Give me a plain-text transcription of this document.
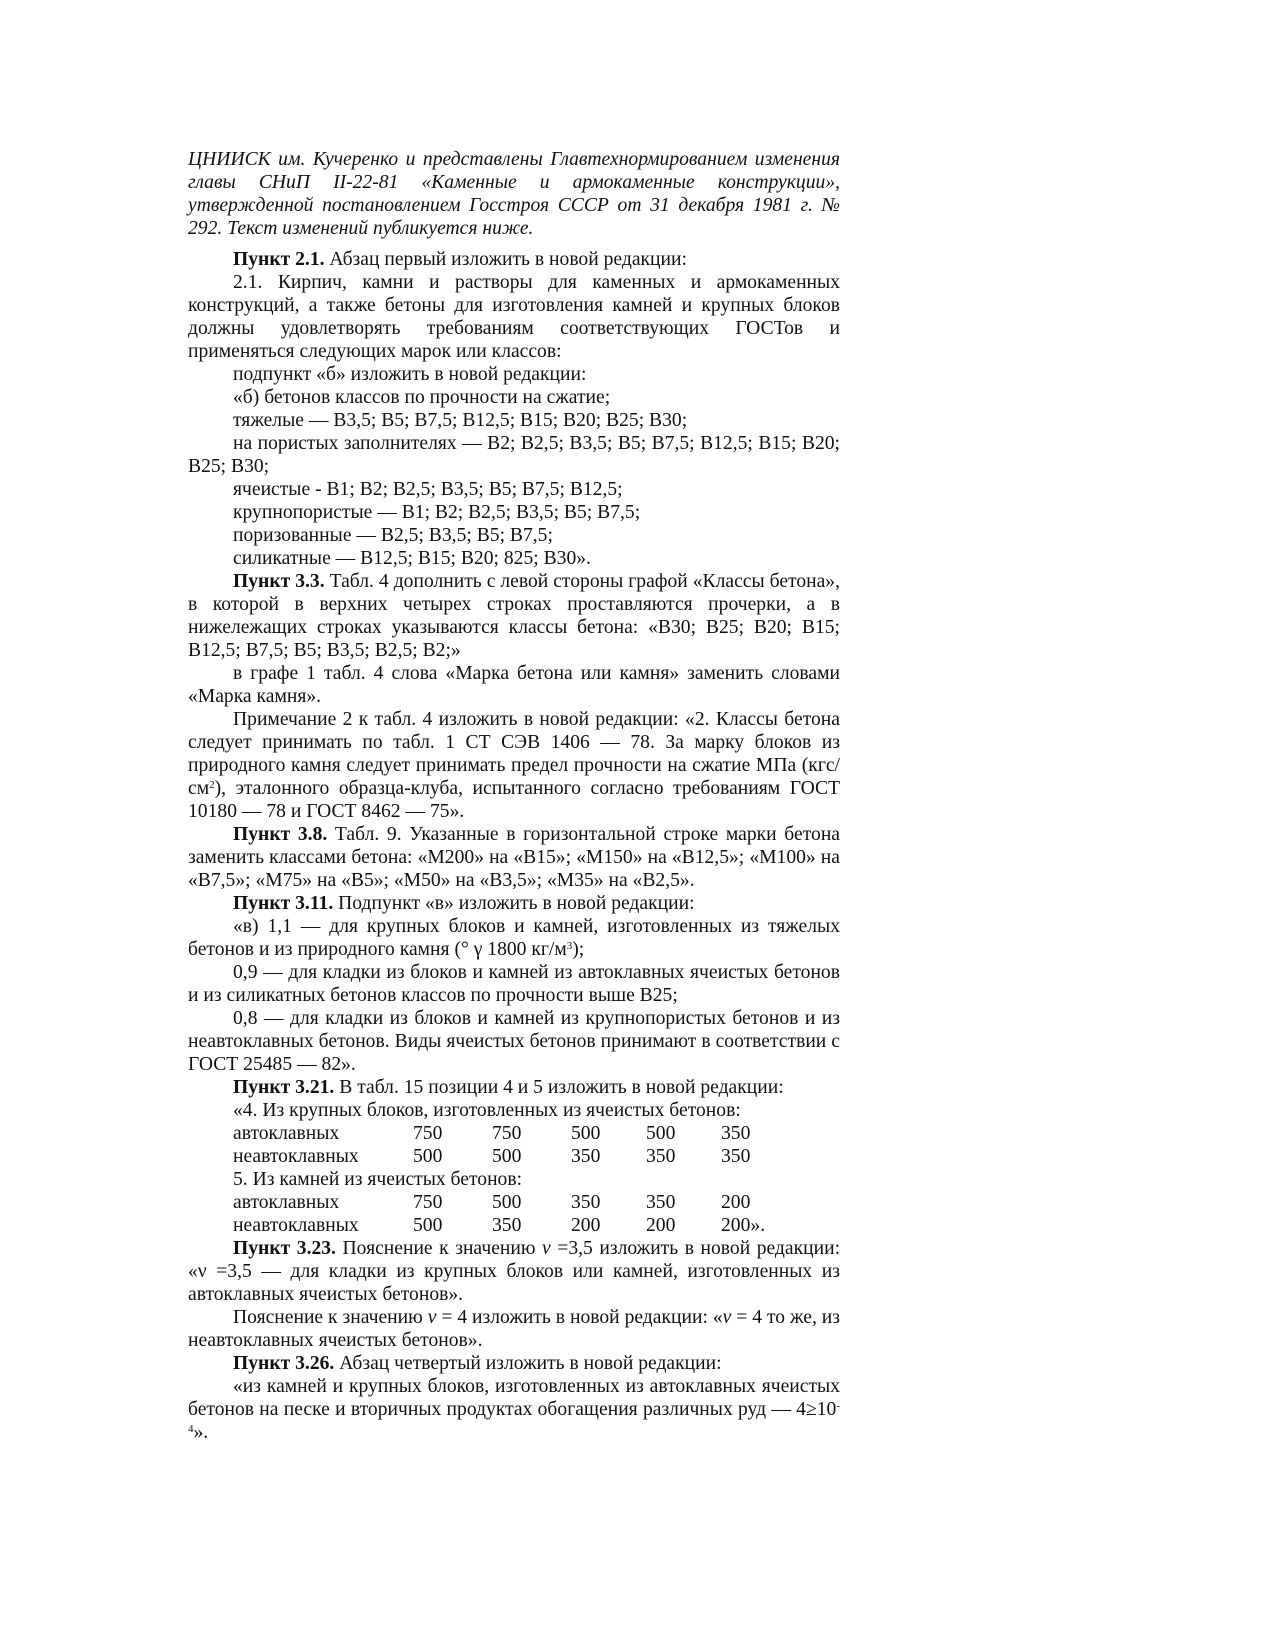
ЦНИИСК им. Кучеренко и представлены Главтехнормированием изменения главы СНиП II-22-81 «Каменные и армокаменные конструкции», утвержденной постановлением Госстроя СССР от 31 декабря 1981 г. № 292. Текст изменений публикуется ниже.
Пункт 2.1. Абзац первый изложить в новой редакции:
2.1. Кирпич, камни и растворы для каменных и армокаменных конструкций, а также бетоны для изготовления камней и крупных блоков должны удовлетворять требованиям соответствующих ГОСТов и применяться следующих марок или классов:
подпункт «б» изложить в новой редакции:
«б) бетонов классов по прочности на сжатие;
тяжелые — В3,5; В5; В7,5; В12,5; В15; В20; В25; В30;
на пористых заполнителях — В2; В2,5; В3,5; В5; В7,5; В12,5; В15; В20; В25; В30;
ячеистые - В1; В2; В2,5; В3,5; В5; В7,5; В12,5;
крупнопористые — В1; В2; В2,5; В3,5; В5; В7,5;
поризованные — В2,5; В3,5; В5; В7,5;
силикатные — В12,5; В15; В20; 825; В30».
Пункт 3.3. Табл. 4 дополнить с левой стороны графой «Классы бетона», в которой в верхних четырех строках проставляются прочерки, а в нижележащих строках указываются классы бетона: «В30; В25; В20; В15; В12,5; В7,5; В5; В3,5; В2,5; В2;»
в графе 1 табл. 4 слова «Марка бетона или камня» заменить словами «Марка камня».
Примечание 2 к табл. 4 изложить в новой редакции: «2. Классы бетона следует принимать по табл. 1 СТ СЭВ 1406 — 78. За марку блоков из природного камня следует принимать предел прочности на сжатие МПа $(кгс/см^2)$, эталонного образца-клуба, испытанного согласно требованиям ГОСТ 10180 — 78 и ГОСТ 8462 — 75».
Пункт 3.8. Табл. 9. Указанные в горизонтальной строке марки бетона заменить классами бетона: «М200» на «В15»; «М150» на «В12,5»; «М100» на «В7,5»; «М75» на «В5»; «М50» на «В3,5»; «М35» на «В2,5».
Пункт 3.11. Подпункт «в» изложить в новой редакции:
«в) 1,1 — для крупных блоков и камней, изготовленных из тяжелых бетонов и из природного камня (° γ 1800 $кг/м^3$);
0,9 — для кладки из блоков и камней из автоклавных ячеистых бетонов и из силикатных бетонов классов по прочности выше В25;
0,8 — для кладки из блоков и камней из крупнопористых бетонов и из неавтоклавных бетонов. Виды ячеистых бетонов принимают в соответствии с ГОСТ 25485 — 82».
Пункт 3.21. В табл. 15 позиции 4 и 5 изложить в новой редакции:
«4. Из крупных блоков, изготовленных из ячеистых бетонов:
автоклавных	750	750	500	500	350
неавтоклавных	500	500	350	350	350
5. Из камней из ячеистых бетонов:
автоклавных	750	500	350	350	200
неавтоклавных	500	350	200	200	200».
Пункт 3.23. Пояснение к значению ν =3,5 изложить в новой редакции: «ν =3,5 — для кладки из крупных блоков или камней, изготовленных из автоклавных ячеистых бетонов».
Пояснение к значению ν = 4 изложить в новой редакции: «ν = 4 то же, из неавтоклавных ячеистых бетонов».
Пункт 3.26. Абзац четвертый изложить в новой редакции:
«из камней и крупных блоков, изготовленных из автоклавных ячеистых бетонов на песке и вторичных продуктах обогащения различных руд — $4\ge 10^{-4}$».
